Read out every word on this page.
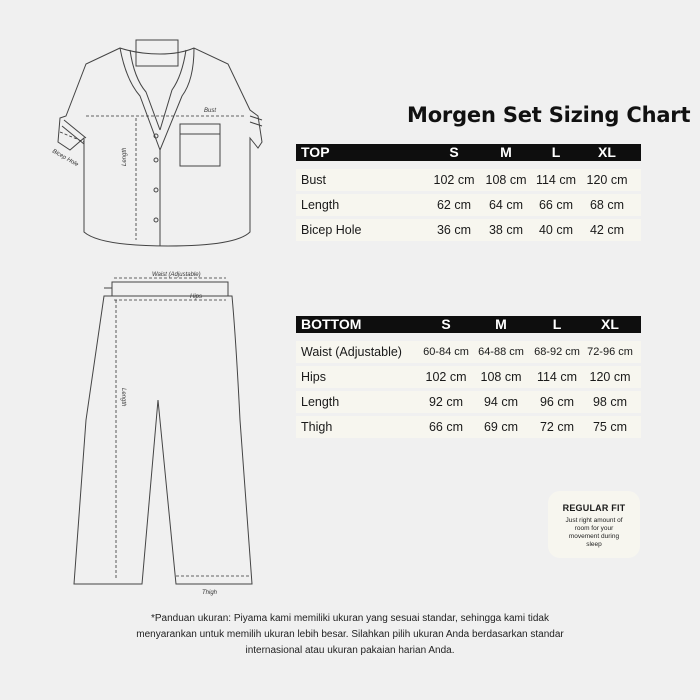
Bust
Bicep Hole	Length
Waist (Adjustable)
Hips
Length
Thigh
Morgen Set Sizing Chart
TOP	S	M	L	XL
Bust	102 cm 108 cm 114 cm 120 cm
Length	62 cm 64 cm 66 cm 68 cm
Bicep Hole	36 cm 38 cm 40 cm 42 cm
BOTTOM	S	M	L	XL
Waist (Adjustable) 60-84 cm 64-88 cm 68-92 cm 72-96 cm
Hips	102 cm 108 cm 114 cm 120 cm
Length	92 cm 94 cm 96 cm 98 cm
Thigh	66 cm 69 cm 72 cm 75 cm
REGULAR FIT
Just right amount of room for your movement during sleep
*Panduan ukuran: Piyama kami memiliki ukuran yang sesuai standar, sehingga kami tidak
menyarankan untuk memilih ukuran lebih besar. Silahkan pilih ukuran Anda berdasarkan standar
internasional atau ukuran pakaian harian Anda.
